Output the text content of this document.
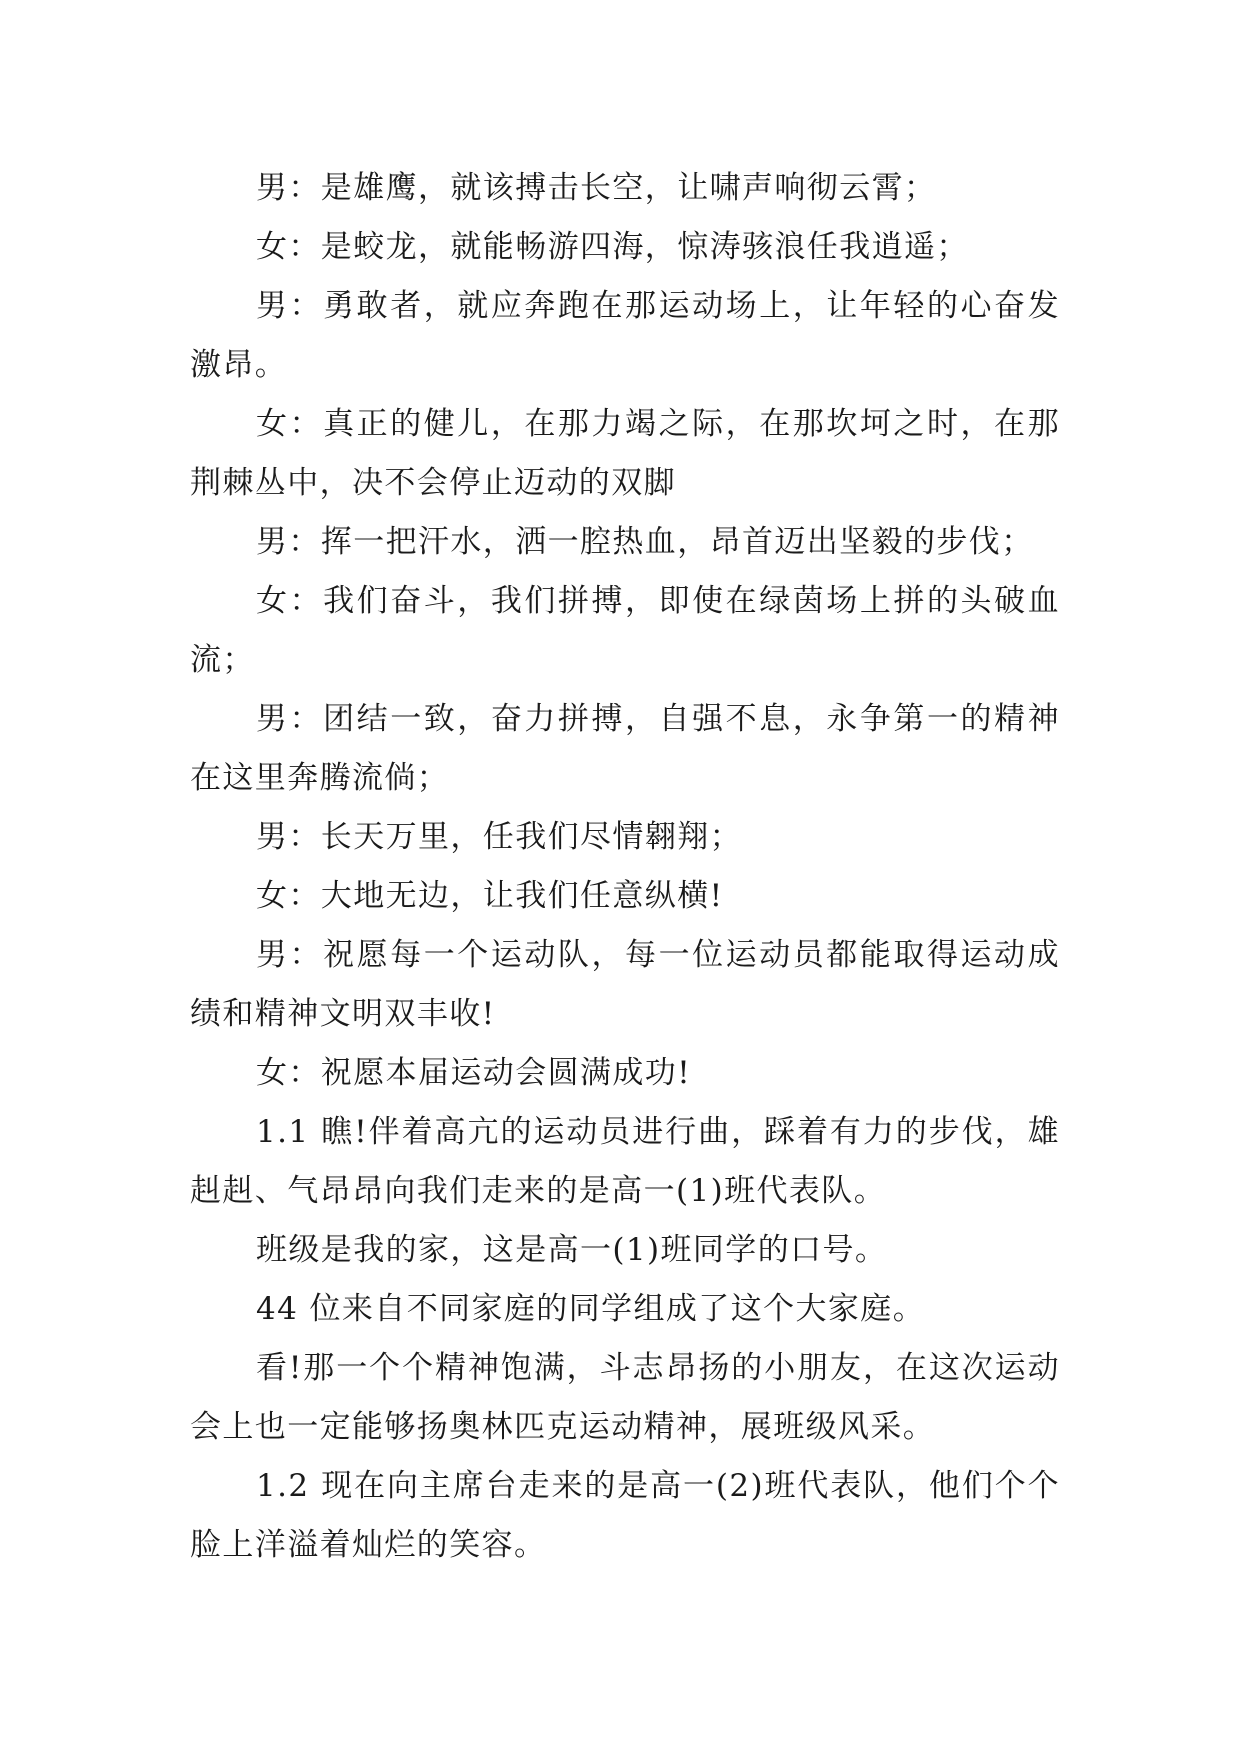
男：是雄鹰，就该搏击长空，让啸声响彻云霄；

女：是蛟龙，就能畅游四海，惊涛骇浪任我逍遥；

男：勇敢者，就应奔跑在那运动场上，让年轻的心奋发激昂。

女：真正的健儿，在那力竭之际，在那坎坷之时，在那荆棘丛中，决不会停止迈动的双脚

男：挥一把汗水，洒一腔热血，昂首迈出坚毅的步伐；

女：我们奋斗，我们拼搏，即使在绿茵场上拼的头破血流；

男：团结一致，奋力拼搏，自强不息，永争第一的精神在这里奔腾流倘；

男：长天万里，任我们尽情翱翔；

女：大地无边，让我们任意纵横!

男：祝愿每一个运动队，每一位运动员都能取得运动成绩和精神文明双丰收!

女：祝愿本届运动会圆满成功!

1.1 瞧!伴着高亢的运动员进行曲，踩着有力的步伐，雄赳赳、气昂昂向我们走来的是高一(1)班代表队。

班级是我的家，这是高一(1)班同学的口号。

44 位来自不同家庭的同学组成了这个大家庭。

看!那一个个精神饱满，斗志昂扬的小朋友，在这次运动会上也一定能够扬奥林匹克运动精神，展班级风采。

1.2 现在向主席台走来的是高一(2)班代表队，他们个个脸上洋溢着灿烂的笑容。
